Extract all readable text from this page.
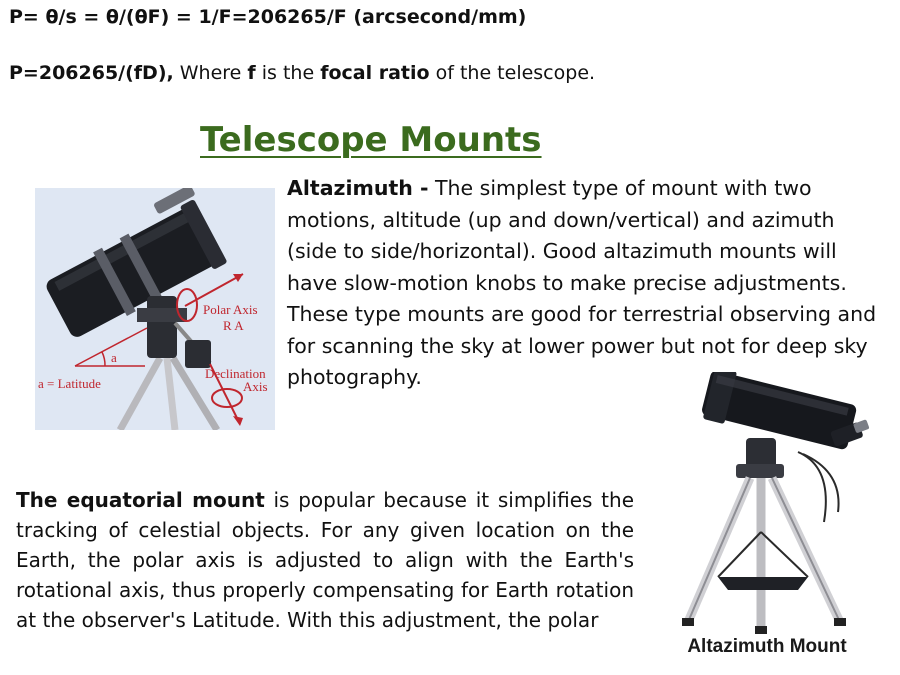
P= θ/s = θ/(θF) = 1/F=206265/F (arcsecond/mm)
P=206265/(fD), Where f is the focal ratio of the telescope.
Telescope Mounts
Polar Axis
R A
Declination
Axis
a
a = Latitude

Altazimuth - The simplest type of mount with two motions, altitude (up and down/vertical) and azimuth (side to side/horizontal). Good altazimuth mounts will have slow-motion knobs to make precise adjustments. These type mounts are good for terrestrial observing and for scanning the sky at lower power but not for deep sky photography.

The equatorial mount is popular because it simplifies the tracking of celestial objects. For any given location on the Earth, the polar axis is adjusted to align with the Earth's rotational axis, thus properly compensating for Earth rotation at the observer's Latitude. With this adjustment, the polar

Altazimuth Mount
